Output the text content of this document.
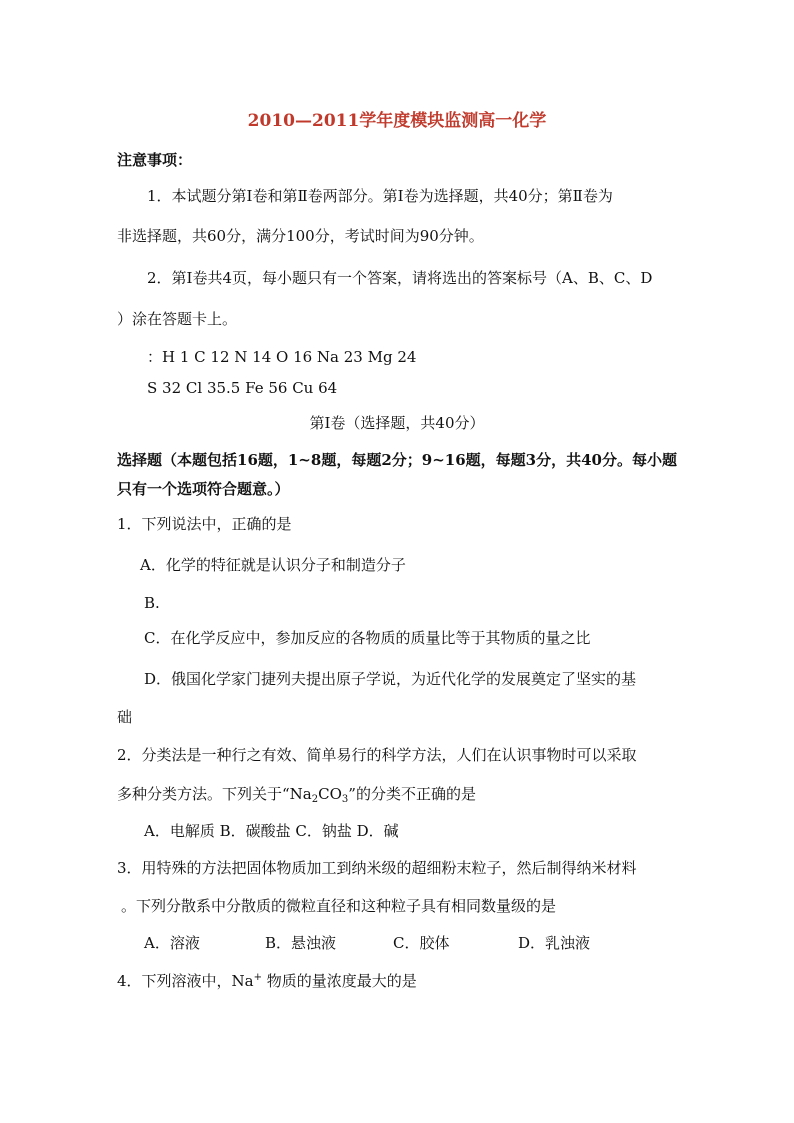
2010—2011学年度模块监测高一化学
注意事项：
1．本试题分第Ⅰ卷和第Ⅱ卷两部分。第Ⅰ卷为选择题，共40分；第Ⅱ卷为
非选择题，共60分，满分100分，考试时间为90分钟。
2．第Ⅰ卷共4页，每小题只有一个答案，请将选出的答案标号（A、B、C、D
）涂在答题卡上。
：H 1 C 12 N 14 O 16 Na 23 Mg 24
S 32 Cl 35.5 Fe 56 Cu 64
第Ⅰ卷（选择题，共40分）
选择题（本题包括16题，1~8题，每题2分；9~16题，每题3分，共40分。每小题
只有一个选项符合题意。）
1．下列说法中，正确的是
A．化学的特征就是认识分子和制造分子
B.
C．在化学反应中，参加反应的各物质的质量比等于其物质的量之比
D．俄国化学家门捷列夫提出原子学说，为近代化学的发展奠定了坚实的基
础
2．分类法是一种行之有效、简单易行的科学方法，人们在认识事物时可以采取
多种分类方法。下列关于“$Na_2CO_3$”的分类不正确的是
A．电解质 B．碳酸盐 C．钠盐 D．碱
3．用特殊的方法把固体物质加工到纳米级的超细粉末粒子，然后制得纳米材料
。下列分散系中分散质的微粒直径和这种粒子具有相同数量级的是
A．溶液	B．悬浊液	C．胶体	D．乳浊液
4．下列溶液中，Na+ 物质的量浓度最大的是
